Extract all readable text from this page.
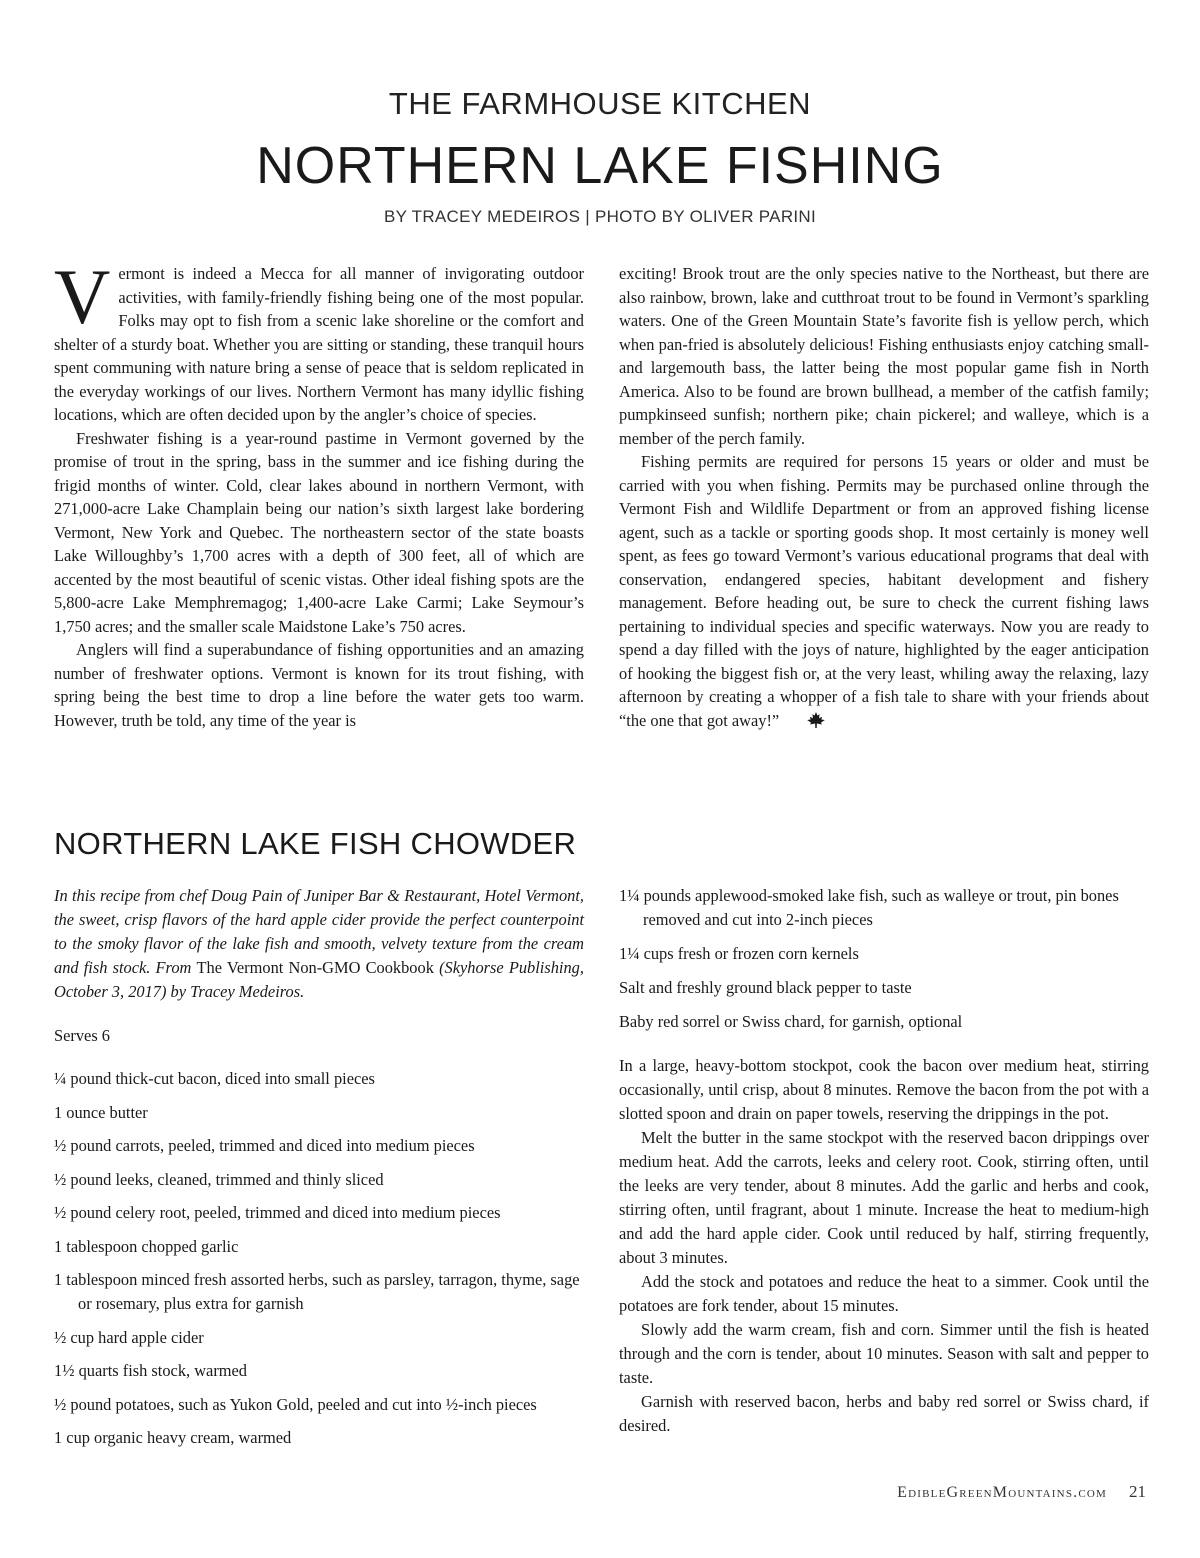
THE FARMHOUSE KITCHEN
NORTHERN LAKE FISHING
BY TRACEY MEDEIROS | PHOTO BY OLIVER PARINI

Vermont is indeed a Mecca for all manner of invigorating outdoor activities, with family-friendly fishing being one of the most popular. Folks may opt to fish from a scenic lake shoreline or the comfort and shelter of a sturdy boat. Whether you are sitting or standing, these tranquil hours spent communing with nature bring a sense of peace that is seldom replicated in the everyday workings of our lives. Northern Vermont has many idyllic fishing locations, which are often decided upon by the angler’s choice of species.

Freshwater fishing is a year-round pastime in Vermont governed by the promise of trout in the spring, bass in the summer and ice fishing during the frigid months of winter. Cold, clear lakes abound in northern Vermont, with 271,000-acre Lake Champlain being our nation’s sixth largest lake bordering Vermont, New York and Quebec. The northeastern sector of the state boasts Lake Willoughby’s 1,700 acres with a depth of 300 feet, all of which are accented by the most beautiful of scenic vistas. Other ideal fishing spots are the 5,800-acre Lake Memphremagog; 1,400-acre Lake Carmi; Lake Seymour’s 1,750 acres; and the smaller scale Maidstone Lake’s 750 acres.

Anglers will find a superabundance of fishing opportunities and an amazing number of freshwater options. Vermont is known for its trout fishing, with spring being the best time to drop a line before the water gets too warm. However, truth be told, any time of the year is

exciting! Brook trout are the only species native to the Northeast, but there are also rainbow, brown, lake and cutthroat trout to be found in Vermont’s sparkling waters. One of the Green Mountain State’s favorite fish is yellow perch, which when pan-fried is absolutely delicious! Fishing enthusiasts enjoy catching small- and largemouth bass, the latter being the most popular game fish in North America. Also to be found are brown bullhead, a member of the catfish family; pumpkinseed sunfish; northern pike; chain pickerel; and walleye, which is a member of the perch family.

Fishing permits are required for persons 15 years or older and must be carried with you when fishing. Permits may be purchased online through the Vermont Fish and Wildlife Department or from an approved fishing license agent, such as a tackle or sporting goods shop. It most certainly is money well spent, as fees go toward Vermont’s various educational programs that deal with conservation, endangered species, habitant development and fishery management. Before heading out, be sure to check the current fishing laws pertaining to individual species and specific waterways. Now you are ready to spend a day filled with the joys of nature, highlighted by the eager anticipation of hooking the biggest fish or, at the very least, whiling away the relaxing, lazy afternoon by creating a whopper of a fish tale to share with your friends about “the one that got away!”

NORTHERN LAKE FISH CHOWDER

In this recipe from chef Doug Pain of Juniper Bar & Restaurant, Hotel Vermont, the sweet, crisp flavors of the hard apple cider provide the perfect counterpoint to the smoky flavor of the lake fish and smooth, velvety texture from the cream and fish stock. From The Vermont Non-GMO Cookbook (Skyhorse Publishing, October 3, 2017) by Tracey Medeiros.

Serves 6

¼ pound thick-cut bacon, diced into small pieces
1 ounce butter
½ pound carrots, peeled, trimmed and diced into medium pieces
½ pound leeks, cleaned, trimmed and thinly sliced
½ pound celery root, peeled, trimmed and diced into medium pieces
1 tablespoon chopped garlic
1 tablespoon minced fresh assorted herbs, such as parsley, tarragon, thyme, sage or rosemary, plus extra for garnish
½ cup hard apple cider
1½ quarts fish stock, warmed
½ pound potatoes, such as Yukon Gold, peeled and cut into ½-inch pieces
1 cup organic heavy cream, warmed
1¼ pounds applewood-smoked lake fish, such as walleye or trout, pin bones removed and cut into 2-inch pieces
1¼ cups fresh or frozen corn kernels
Salt and freshly ground black pepper to taste
Baby red sorrel or Swiss chard, for garnish, optional

In a large, heavy-bottom stockpot, cook the bacon over medium heat, stirring occasionally, until crisp, about 8 minutes. Remove the bacon from the pot with a slotted spoon and drain on paper towels, reserving the drippings in the pot.

Melt the butter in the same stockpot with the reserved bacon drippings over medium heat. Add the carrots, leeks and celery root. Cook, stirring often, until the leeks are very tender, about 8 minutes. Add the garlic and herbs and cook, stirring often, until fragrant, about 1 minute. Increase the heat to medium-high and add the hard apple cider. Cook until reduced by half, stirring frequently, about 3 minutes.

Add the stock and potatoes and reduce the heat to a simmer. Cook until the potatoes are fork tender, about 15 minutes.

Slowly add the warm cream, fish and corn. Simmer until the fish is heated through and the corn is tender, about 10 minutes. Season with salt and pepper to taste.

Garnish with reserved bacon, herbs and baby red sorrel or Swiss chard, if desired.

EdibleGreenMountains.com 21
